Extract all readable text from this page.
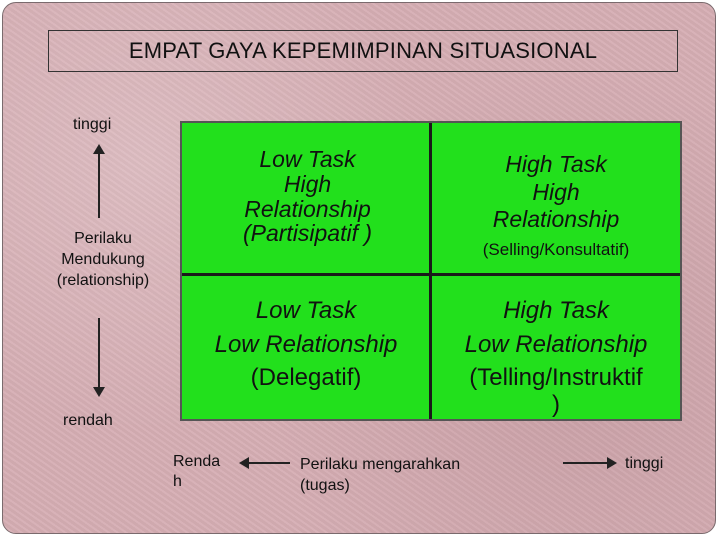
EMPAT GAYA KEPEMIMPINAN SITUASIONAL
tinggi
Perilaku
Mendukung
(relationship)
rendah
Low Task
High
Relationship
(Partisipatif )
High Task
High
Relationship
(Selling/Konsultatif)
Low Task
Low Relationship
(Delegatif)
High Task
Low Relationship
(Telling/Instruktif
)
Renda
h
Perilaku mengarahkan
(tugas)
tinggi
